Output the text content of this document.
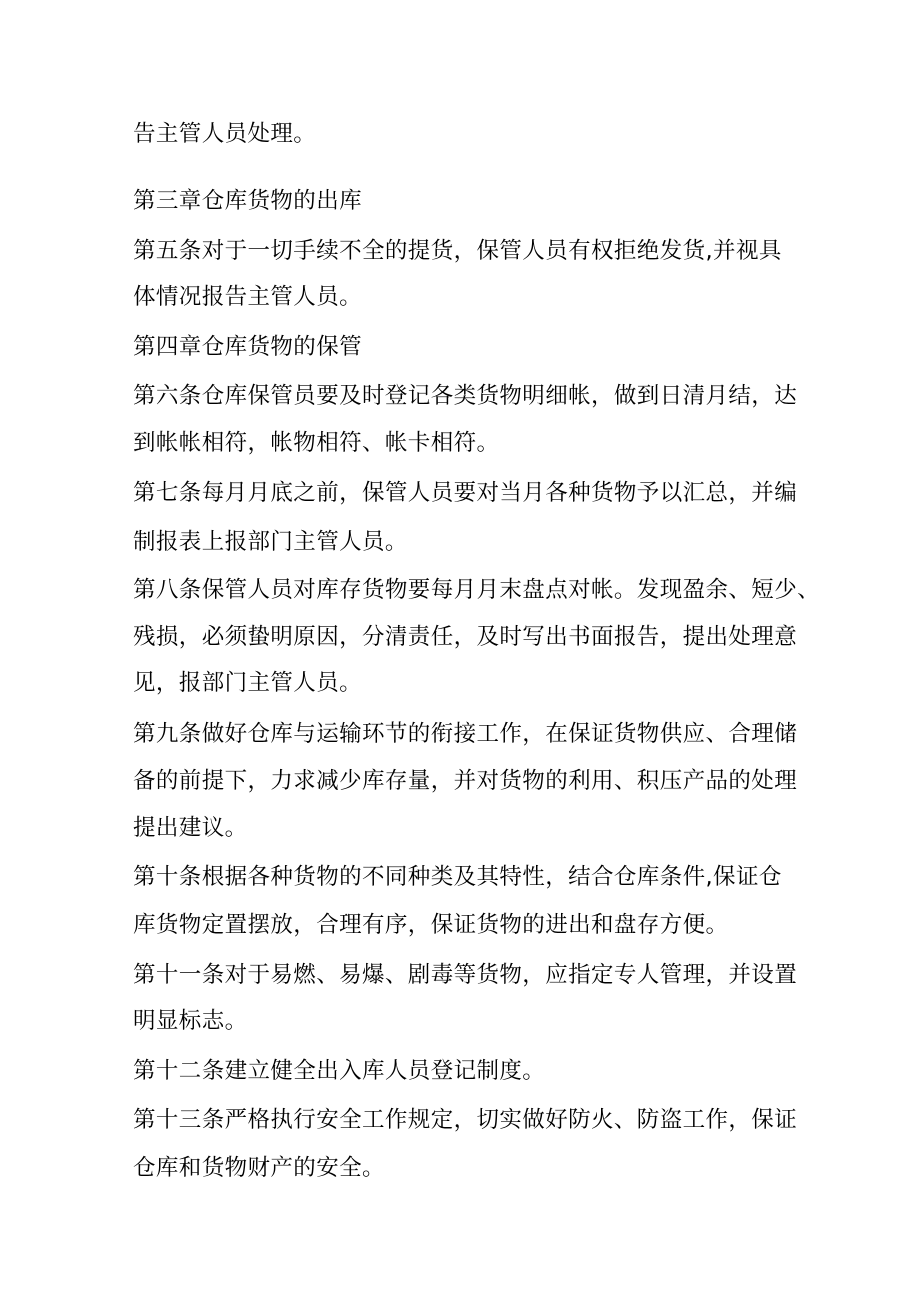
告主管人员处理。
第三章仓库货物的出库
第五条对于一切手续不全的提货，保管人员有权拒绝发货,并视具
体情况报告主管人员。
第四章仓库货物的保管
第六条仓库保管员要及时登记各类货物明细帐，做到日清月结，达
到帐帐相符，帐物相符、帐卡相符。
第七条每月月底之前，保管人员要对当月各种货物予以汇总，并编
制报表上报部门主管人员。
第八条保管人员对库存货物要每月月末盘点对帐。发现盈余、短少、
残损，必须蛰明原因，分清责任，及时写出书面报告，提出处理意
见，报部门主管人员。
第九条做好仓库与运输环节的衔接工作，在保证货物供应、合理储
备的前提下，力求减少库存量，并对货物的利用、积压产品的处理
提出建议。
第十条根据各种货物的不同种类及其特性，结合仓库条件,保证仓
库货物定置摆放，合理有序，保证货物的进出和盘存方便。
第十一条对于易燃、易爆、剧毒等货物，应指定专人管理，并设置
明显标志。
第十二条建立健全出入库人员登记制度。
第十三条严格执行安全工作规定，切实做好防火、防盗工作，保证
仓库和货物财产的安全。
